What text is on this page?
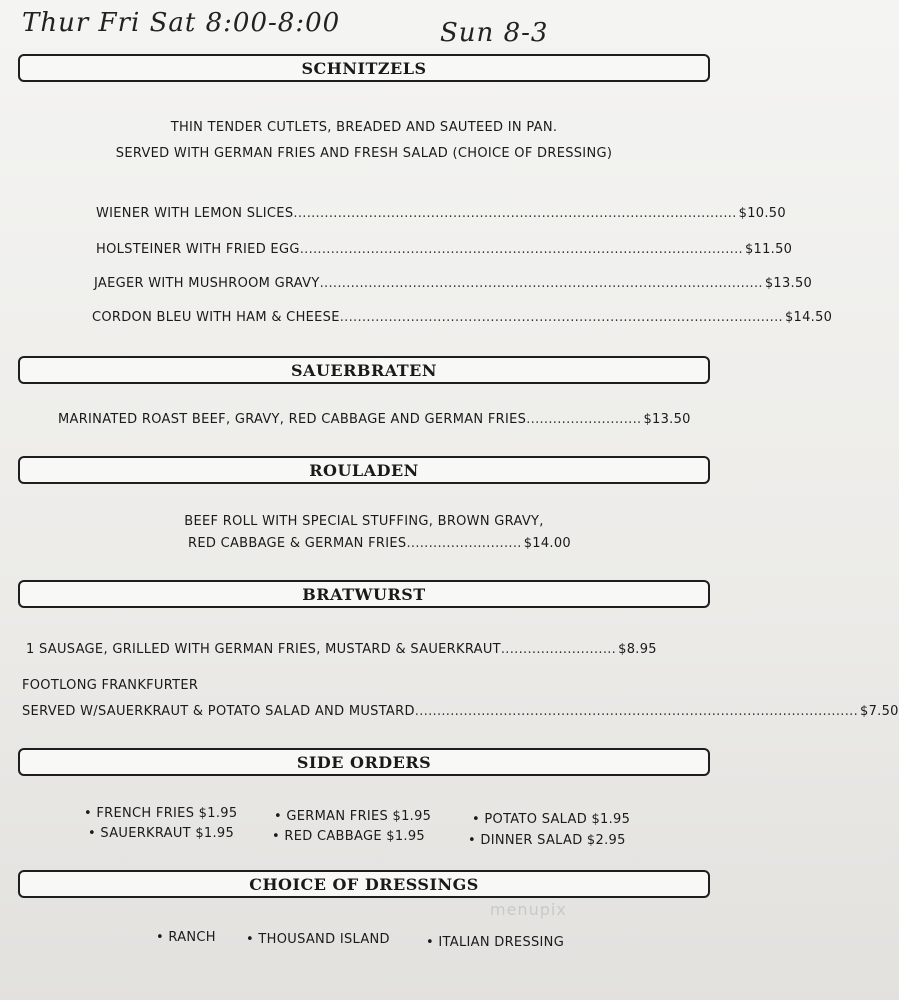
Thur Fri Sat 8:00-8:00	Sun 8-3
SCHNITZELS
THIN TENDER CUTLETS, BREADED AND SAUTEED IN PAN.
SERVED WITH GERMAN FRIES AND FRESH SALAD (CHOICE OF DRESSING)
WIENER WITH LEMON SLICES .................................................................................................... $10.50
HOLSTEINER WITH FRIED EGG .................................................................................................... $11.50
JAEGER WITH MUSHROOM GRAVY .................................................................................................... $13.50
CORDON BLEU WITH HAM & CHEESE .................................................................................................... $14.50
SAUERBRATEN
MARINATED ROAST BEEF, GRAVY, RED CABBAGE AND GERMAN FRIES .......................... $13.50
ROULADEN
BEEF ROLL WITH SPECIAL STUFFING, BROWN GRAVY,
RED CABBAGE & GERMAN FRIES .......................... $14.00
BRATWURST
1 SAUSAGE, GRILLED WITH GERMAN FRIES, MUSTARD & SAUERKRAUT .......................... $8.95
FOOTLONG FRANKFURTER
SERVED W/SAUERKRAUT & POTATO SALAD AND MUSTARD .................................................................................................... $7.50
SIDE ORDERS
• FRENCH FRIES $1.95	• GERMAN FRIES $1.95	• POTATO SALAD $1.95
• SAUERKRAUT $1.95	• RED CABBAGE $1.95	• DINNER SALAD $2.95
CHOICE OF DRESSINGS
• RANCH • THOUSAND ISLAND	• ITALIAN DRESSING
menupix
